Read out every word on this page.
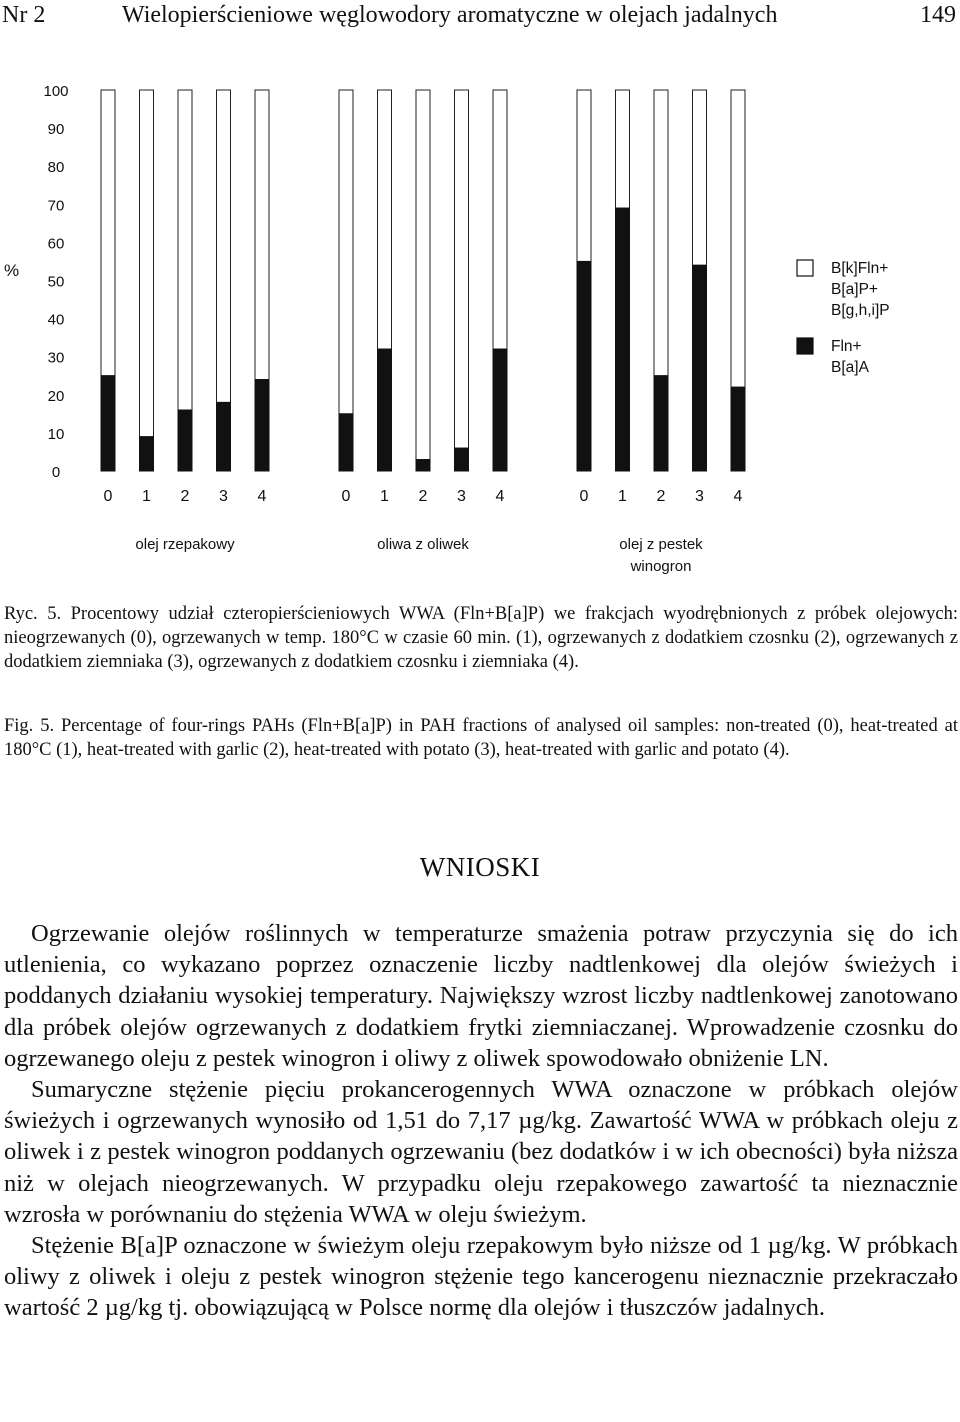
Nr 2	Wielopierścieniowe węglowodory aromatyczne w olejach jadalnych	149
100
90
80
70
60
50
40
30
20
10
0
%
0 1 2 3 4	0 1 2 3 4	0 1 2 3 4
olej rzepakowy	oliwa z oliwek	olej z pestek
winogron
B[k]Fln+
B[a]P+
B[g,h,i]P
Fln+
B[a]A
Ryc. 5. Procentowy udział czteropierścieniowych WWA (Fln+B[a]P) we frakcjach wyodrębnionych z próbek olejowych: nieogrzewanych (0), ogrzewanych w temp. 180°C w czasie 60 min. (1), ogrzewanych z dodatkiem czosnku (2), ogrzewanych z dodatkiem ziemniaka (3), ogrzewanych z dodatkiem czosnku i ziemniaka (4).
Fig. 5. Percentage of four-rings PAHs (Fln+B[a]P) in PAH fractions of analysed oil samples: non-treated (0), heat-treated at 180°C (1), heat-treated with garlic (2), heat-treated with potato (3), heat-treated with garlic and potato (4).
WNIOSKI

Ogrzewanie olejów roślinnych w temperaturze smażenia potraw przyczynia się do ich utlenienia, co wykazano poprzez oznaczenie liczby nadtlenkowej dla olejów świeżych i poddanych działaniu wysokiej temperatury. Największy wzrost liczby nadtlenkowej zanotowano dla próbek olejów ogrzewanych z dodatkiem frytki ziemniaczanej. Wprowadzenie czosnku do ogrzewanego oleju z pestek winogron i oliwy z oliwek spowodowało obniżenie LN.

Sumaryczne stężenie pięciu prokancerogennych WWA oznaczone w próbkach olejów świeżych i ogrzewanych wynosiło od 1,51 do 7,17 µg/kg. Zawartość WWA w próbkach oleju z oliwek i z pestek winogron poddanych ogrzewaniu (bez dodatków i w ich obecności) była niższa niż w olejach nieogrzewanych. W przypadku oleju rzepakowego zawartość ta nieznacznie wzrosła w porównaniu do stężenia WWA w oleju świeżym.

Stężenie B[a]P oznaczone w świeżym oleju rzepakowym było niższe od 1 µg/kg. W próbkach oliwy z oliwek i oleju z pestek winogron stężenie tego kancerogenu nieznacznie przekraczało wartość 2 µg/kg tj. obowiązującą w Polsce normę dla olejów i tłuszczów jadalnych.
